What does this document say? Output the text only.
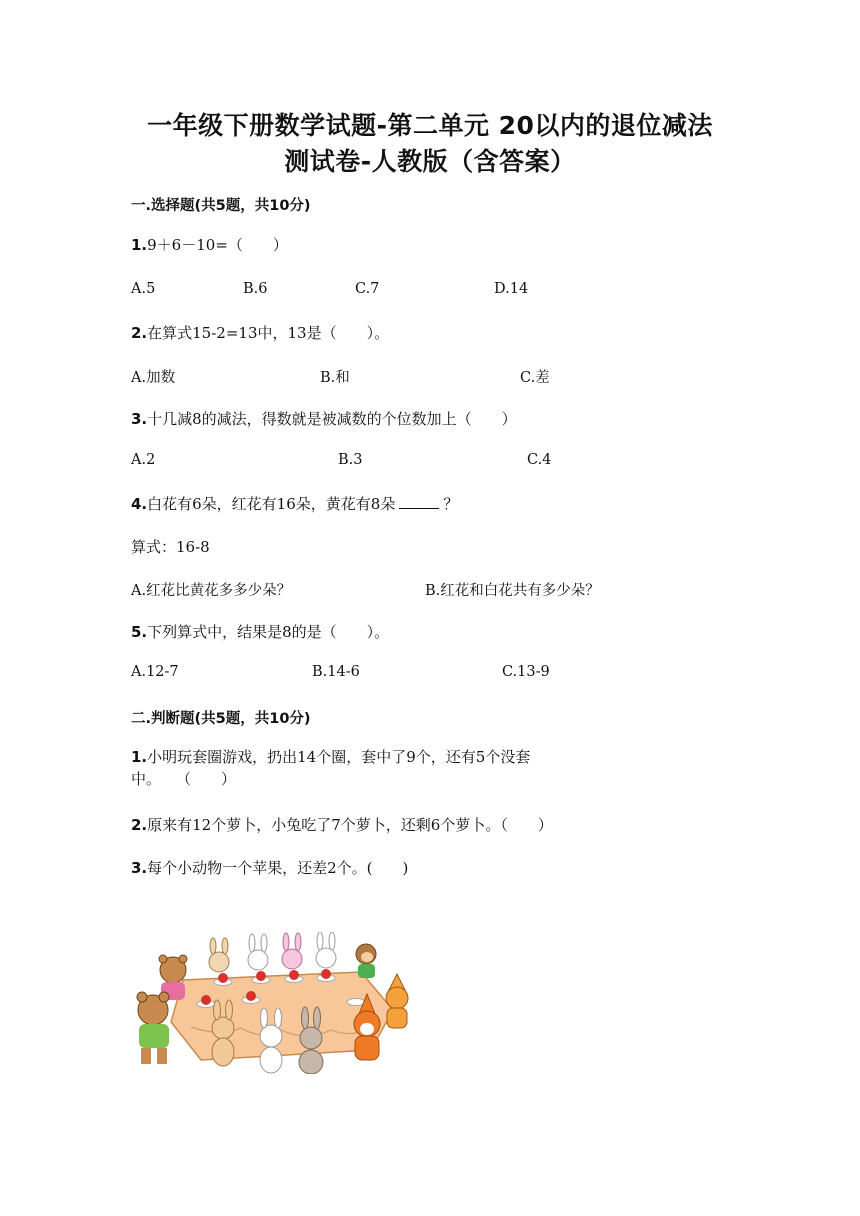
一年级下册数学试题-第二单元 20以内的退位减法
测试卷-人教版（含答案）
一.选择题(共5题，共10分)
1.9＋6－10=（　　）
A.5	B.6	C.7	D.14
2.在算式15-2=13中，13是（　　）。
A.加数	B.和	C.差
3.十几减8的减法，得数就是被减数的个位数加上（　　）
A.2	B.3	C.4
4.白花有6朵，红花有16朵，黄花有8朵	？
算式：16-8
A.红花比黄花多多少朵？	B.红花和白花共有多少朵？
5.下列算式中，结果是8的是（　　）。
A.12-7	B.14-6	C.13-9
二.判断题(共5题，共10分)
1.小明玩套圈游戏，扔出14个圈，套中了9个，还有5个没套
中。　　（　　）
2.原来有12个萝卜，小兔吃了7个萝卜，还剩6个萝卜。（　　）
3.每个小动物一个苹果，还差2个。(　　)
